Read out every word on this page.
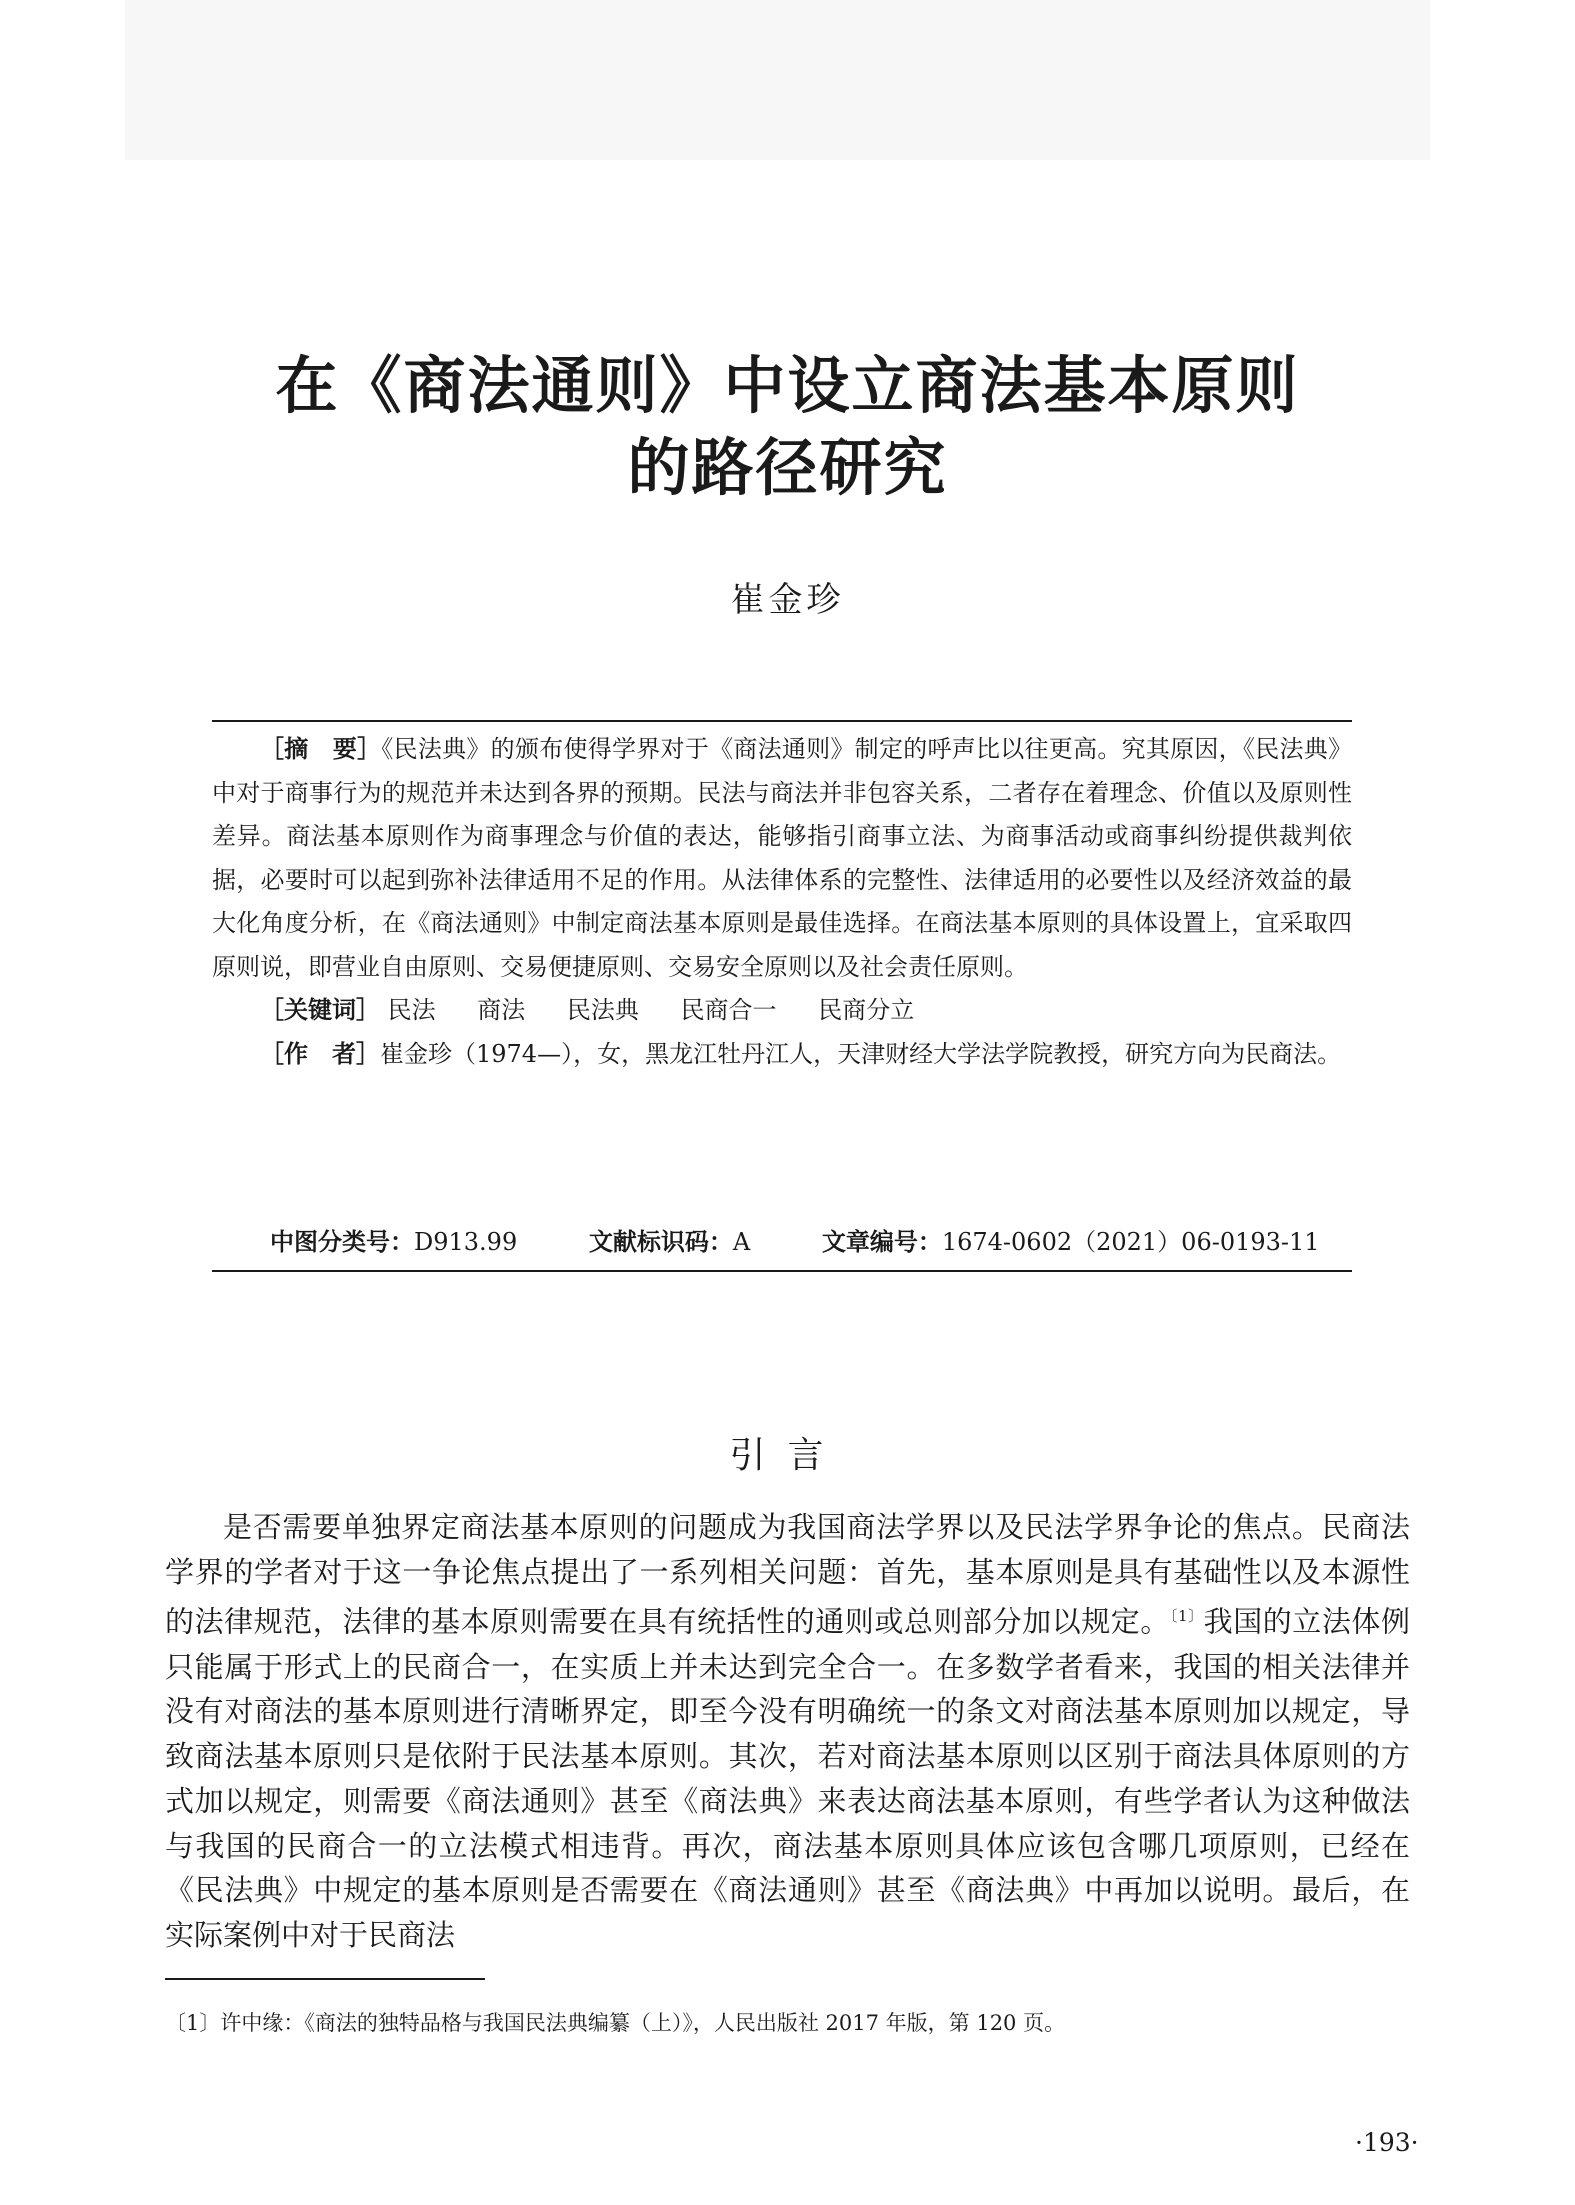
在《商法通则》中设立商法基本原则
的路径研究
崔金珍

［摘　要］《民法典》的颁布使得学界对于《商法通则》制定的呼声比以往更高。究其原因，《民法典》中对于商事行为的规范并未达到各界的预期。民法与商法并非包容关系，二者存在着理念、价值以及原则性差异。商法基本原则作为商事理念与价值的表达，能够指引商事立法、为商事活动或商事纠纷提供裁判依据，必要时可以起到弥补法律适用不足的作用。从法律体系的完整性、法律适用的必要性以及经济效益的最大化角度分析，在《商法通则》中制定商法基本原则是最佳选择。在商法基本原则的具体设置上，宜采取四原则说，即营业自由原则、交易便捷原则、交易安全原则以及社会责任原则。

［关键词］ 民法 商法 民法典 民商合一 民商分立

［作　者］崔金珍（1974—），女，黑龙江牡丹江人，天津财经大学法学院教授，研究方向为民商法。

中图分类号：D913.99	文献标识码：A	文章编号：1674-0602（2021）06-0193-11
引言

是否需要单独界定商法基本原则的问题成为我国商法学界以及民法学界争论的焦点。民商法学界的学者对于这一争论焦点提出了一系列相关问题：首先，基本原则是具有基础性以及本源性的法律规范，法律的基本原则需要在具有统括性的通则或总则部分加以规定。$^{〔1〕}$我国的立法体例只能属于形式上的民商合一，在实质上并未达到完全合一。在多数学者看来，我国的相关法律并没有对商法的基本原则进行清晰界定，即至今没有明确统一的条文对商法基本原则加以规定，导致商法基本原则只是依附于民法基本原则。其次，若对商法基本原则以区别于商法具体原则的方式加以规定，则需要《商法通则》甚至《商法典》来表达商法基本原则，有些学者认为这种做法与我国的民商合一的立法模式相违背。再次，商法基本原则具体应该包含哪几项原则，已经在《民法典》中规定的基本原则是否需要在《商法通则》甚至《商法典》中再加以说明。最后，在实际案例中对于民商法

〔1〕许中缘：《商法的独特品格与我国民法典编纂（上）》，人民出版社 2017 年版，第 120 页。
·193·
